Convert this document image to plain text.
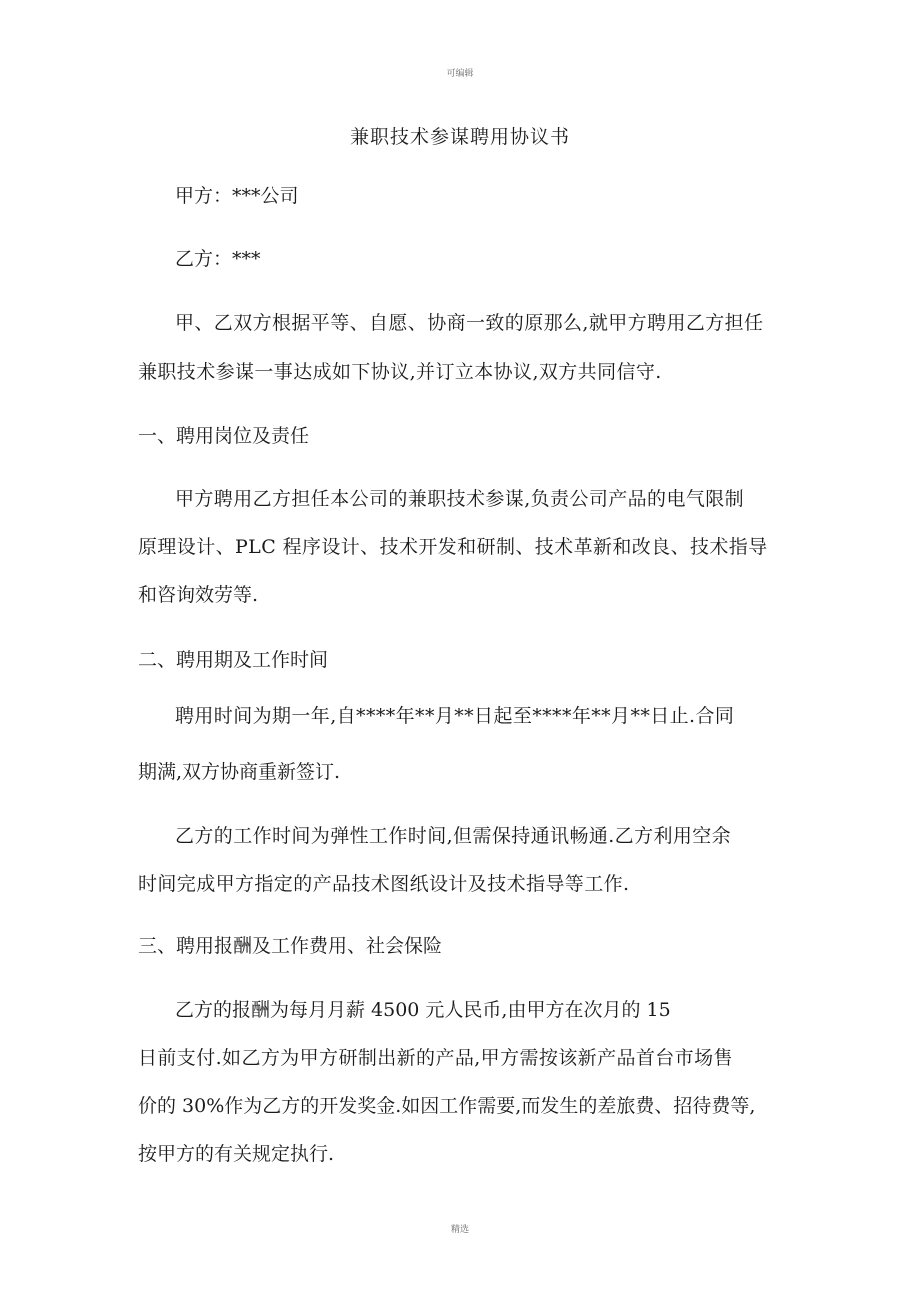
可编辑
兼职技术参谋聘用协议书
甲方：***公司
乙方：***
甲、乙双方根据平等、自愿、协商一致的原那么,就甲方聘用乙方担任
兼职技术参谋一事达成如下协议,并订立本协议,双方共同信守.
一、聘用岗位及责任
甲方聘用乙方担任本公司的兼职技术参谋,负责公司产品的电气限制
原理设计、PLC 程序设计、技术开发和研制、技术革新和改良、技术指导
和咨询效劳等.
二、聘用期及工作时间
聘用时间为期一年,自****年**月**日起至****年**月**日止.合同
期满,双方协商重新签订.
乙方的工作时间为弹性工作时间,但需保持通讯畅通.乙方利用空余
时间完成甲方指定的产品技术图纸设计及技术指导等工作.
三、聘用报酬及工作费用、社会保险
乙方的报酬为每月月薪 4500 元人民币,由甲方在次月的 15
日前支付.如乙方为甲方研制出新的产品,甲方需按该新产品首台市场售
价的 30%作为乙方的开发奖金.如因工作需要,而发生的差旅费、招待费等,
按甲方的有关规定执行.
精选
